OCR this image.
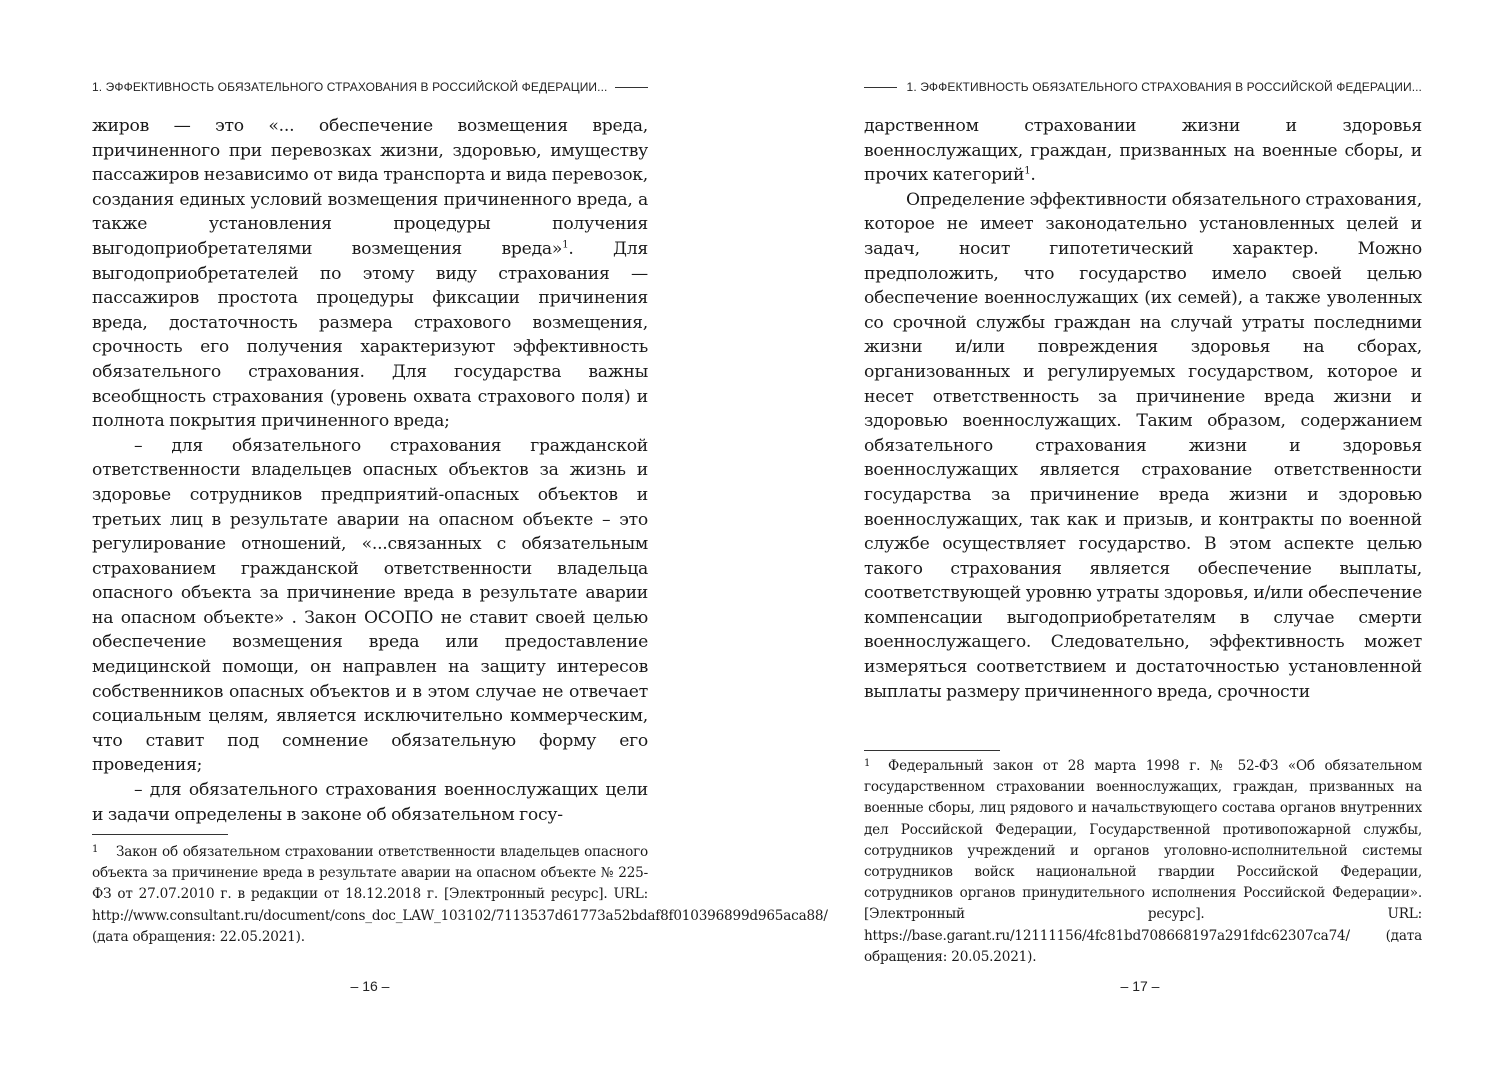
1. ЭФФЕКТИВНОСТЬ ОБЯЗАТЕЛЬНОГО СТРАХОВАНИЯ В РОССИЙСКОЙ ФЕДЕРАЦИИ...

жиров — это «... обеспечение возмещения вреда, причиненного при перевозках жизни, здоровью, имуществу пассажиров независимо от вида транспорта и вида перевозок, создания единых условий возмещения причиненного вреда, а также установления процедуры получения выгодоприобретателями возмещения вреда»$^1$. Для выгодоприобретателей по этому виду страхования — пассажиров простота процедуры фиксации причинения вреда, достаточность размера страхового возмещения, срочность его получения характеризуют эффективность обязательного страхования. Для государства важны всеобщность страхования (уровень охвата страхового поля) и полнота покрытия причиненного вреда;

– для обязательного страхования гражданской ответственности владельцев опасных объектов за жизнь и здоровье сотрудников предприятий-опасных объектов и третьих лиц в результате аварии на опасном объекте – это регулирование отношений, «...связанных с обязательным страхованием гражданской ответственности владельца опасного объекта за причинение вреда в результате аварии на опасном объекте» . Закон ОСОПО не ставит своей целью обеспечение возмещения вреда или предоставление медицинской помощи, он направлен на защиту интересов собственников опасных объектов и в этом случае не отвечает социальным целям, является исключительно коммерческим, что ставит под сомнение обязательную форму его проведения;

– для обязательного страхования военнослужащих цели и задачи определены в законе об обязательном госу-

1 Закон об обязательном страховании ответственности владельцев опасного объекта за причинение вреда в результате аварии на опасном объекте № 225-ФЗ от 27.07.2010 г. в редакции от 18.12.2018 г. [Электронный ресурс]. URL: http://www.consultant.ru/document/cons_doc_LAW_103102/7113537d61773a52bdaf8f010396899d965aca88/ (дата обращения: 22.05.2021).
– 16 –
1. ЭФФЕКТИВНОСТЬ ОБЯЗАТЕЛЬНОГО СТРАХОВАНИЯ В РОССИЙСКОЙ ФЕДЕРАЦИИ...

дарственном страховании жизни и здоровья военнослужащих, граждан, призванных на военные сборы, и прочих категорий$^1$.

Определение эффективности обязательного страхования, которое не имеет законодательно установленных целей и задач, носит гипотетический характер. Можно предположить, что государство имело своей целью обеспечение военнослужащих (их семей), а также уволенных со срочной службы граждан на случай утраты последними жизни и/или повреждения здоровья на сборах, организованных и регулируемых государством, которое и несет ответственность за причинение вреда жизни и здоровью военнослужащих. Таким образом, содержанием обязательного страхования жизни и здоровья военнослужащих является страхование ответственности государства за причинение вреда жизни и здоровью военнослужащих, так как и призыв, и контракты по военной службе осуществляет государство. В этом аспекте целью такого страхования является обеспечение выплаты, соответствующей уровню утраты здоровья, и/или обеспечение компенсации выгодоприобретателям в случае смерти военнослужащего. Следовательно, эффективность может измеряться соответствием и достаточностью установленной выплаты размеру причиненного вреда, срочности

1 Федеральный закон от 28 марта 1998 г. № 52-ФЗ «Об обязательном государственном страховании военнослужащих, граждан, призванных на военные сборы, лиц рядового и начальствующего состава органов внутренних дел Российской Федерации, Государственной противопожарной службы, сотрудников учреждений и органов уголовно-исполнительной системы сотрудников войск национальной гвардии Российской Федерации, сотрудников органов принудительного исполнения Российской Федерации». [Электронный ресурс]. URL: https://base.garant.ru/12111156/4fc81bd708668197a291fdc62307ca74/ (дата обращения: 20.05.2021).
– 17 –
